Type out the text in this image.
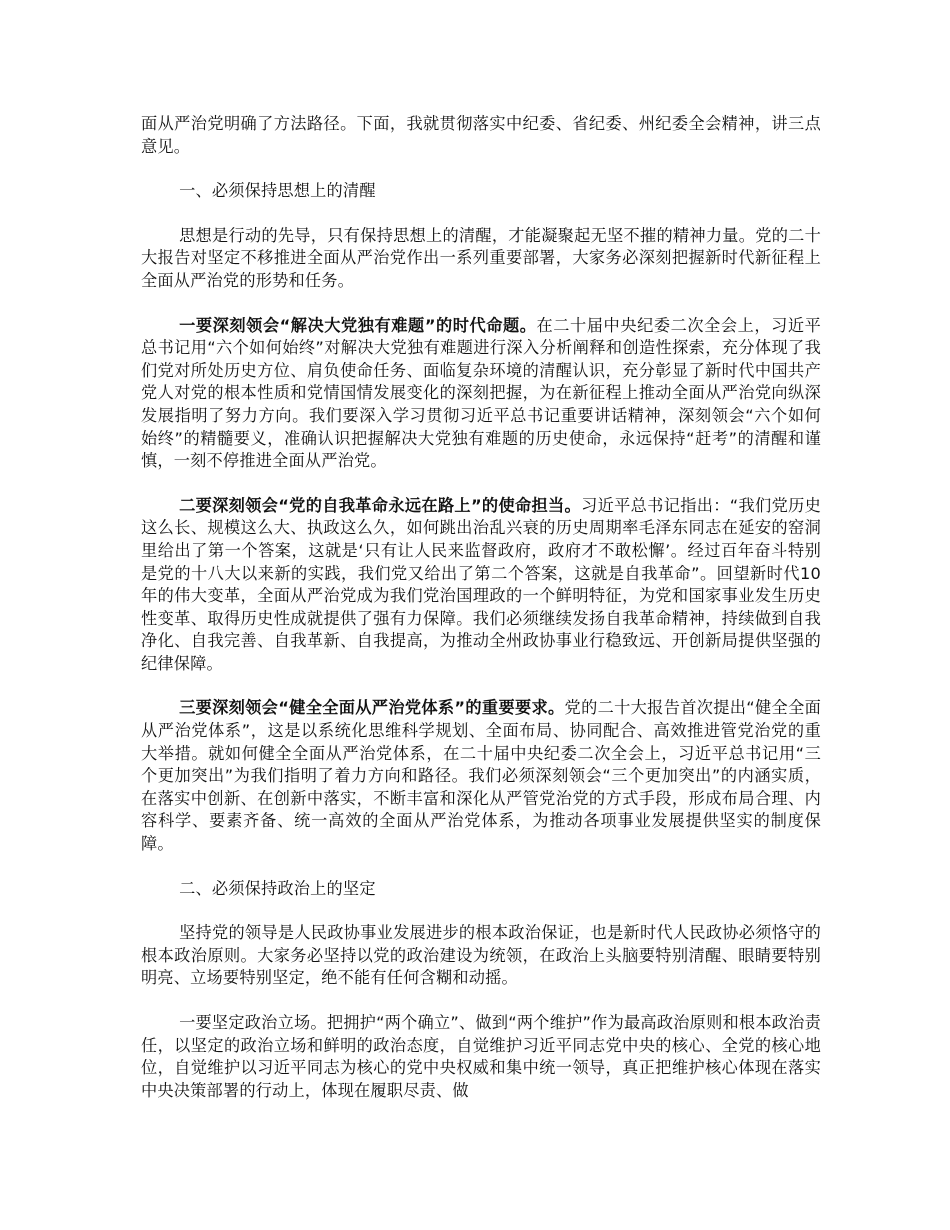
面从严治党明确了方法路径。下面，我就贯彻落实中纪委、省纪委、州纪委全会精神，讲三点意见。

一、必须保持思想上的清醒

思想是行动的先导，只有保持思想上的清醒，才能凝聚起无坚不摧的精神力量。党的二十大报告对坚定不移推进全面从严治党作出一系列重要部署，大家务必深刻把握新时代新征程上全面从严治党的形势和任务。

一要深刻领会“解决大党独有难题”的时代命题。在二十届中央纪委二次全会上，习近平总书记用“六个如何始终”对解决大党独有难题进行深入分析阐释和创造性探索，充分体现了我们党对所处历史方位、肩负使命任务、面临复杂环境的清醒认识，充分彰显了新时代中国共产党人对党的根本性质和党情国情发展变化的深刻把握，为在新征程上推动全面从严治党向纵深发展指明了努力方向。我们要深入学习贯彻习近平总书记重要讲话精神，深刻领会“六个如何始终”的精髓要义，准确认识把握解决大党独有难题的历史使命，永远保持“赶考”的清醒和谨慎，一刻不停推进全面从严治党。

二要深刻领会“党的自我革命永远在路上”的使命担当。习近平总书记指出：“我们党历史这么长、规模这么大、执政这么久，如何跳出治乱兴衰的历史周期率毛泽东同志在延安的窑洞里给出了第一个答案，这就是‘只有让人民来监督政府，政府才不敢松懈’。经过百年奋斗特别是党的十八大以来新的实践，我们党又给出了第二个答案，这就是自我革命”。回望新时代10年的伟大变革，全面从严治党成为我们党治国理政的一个鲜明特征，为党和国家事业发生历史性变革、取得历史性成就提供了强有力保障。我们必须继续发扬自我革命精神，持续做到自我净化、自我完善、自我革新、自我提高，为推动全州政协事业行稳致远、开创新局提供坚强的纪律保障。

三要深刻领会“健全全面从严治党体系”的重要要求。党的二十大报告首次提出“健全全面从严治党体系”，这是以系统化思维科学规划、全面布局、协同配合、高效推进管党治党的重大举措。就如何健全全面从严治党体系，在二十届中央纪委二次全会上，习近平总书记用“三个更加突出”为我们指明了着力方向和路径。我们必须深刻领会“三个更加突出”的内涵实质，在落实中创新、在创新中落实，不断丰富和深化从严管党治党的方式手段，形成布局合理、内容科学、要素齐备、统一高效的全面从严治党体系，为推动各项事业发展提供坚实的制度保障。

二、必须保持政治上的坚定

坚持党的领导是人民政协事业发展进步的根本政治保证，也是新时代人民政协必须恪守的根本政治原则。大家务必坚持以党的政治建设为统领，在政治上头脑要特别清醒、眼睛要特别明亮、立场要特别坚定，绝不能有任何含糊和动摇。

一要坚定政治立场。把拥护“两个确立”、做到“两个维护”作为最高政治原则和根本政治责任，以坚定的政治立场和鲜明的政治态度，自觉维护习近平同志党中央的核心、全党的核心地位，自觉维护以习近平同志为核心的党中央权威和集中统一领导，真正把维护核心体现在落实中央决策部署的行动上，体现在履职尽责、做
